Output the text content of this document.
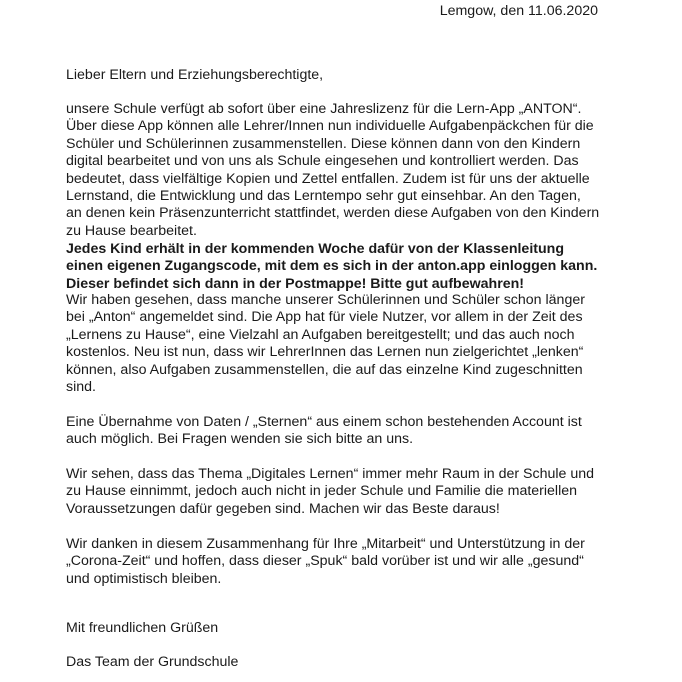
Lemgow, den 11.06.2020
Lieber Eltern und Erziehungsberechtigte,
unsere Schule verfügt ab sofort über eine Jahreslizenz für die Lern-App „ANTON“.
Über diese App können alle Lehrer/Innen nun individuelle Aufgabenpäckchen für die
Schüler und Schülerinnen zusammenstellen. Diese können dann von den Kindern
digital bearbeitet und von uns als Schule eingesehen und kontrolliert werden. Das
bedeutet, dass vielfältige Kopien und Zettel entfallen. Zudem ist für uns der aktuelle
Lernstand, die Entwicklung und das Lerntempo sehr gut einsehbar. An den Tagen,
an denen kein Präsenzunterricht stattfindet, werden diese Aufgaben von den Kindern
zu Hause bearbeitet.
Jedes Kind erhält in der kommenden Woche dafür von der Klassenleitung
einen eigenen Zugangscode, mit dem es sich in der anton.app einloggen kann.
Dieser befindet sich dann in der Postmappe! Bitte gut aufbewahren!
Wir haben gesehen, dass manche unserer Schülerinnen und Schüler schon länger
bei „Anton“ angemeldet sind. Die App hat für viele Nutzer, vor allem in der Zeit des
„Lernens zu Hause“, eine Vielzahl an Aufgaben bereitgestellt; und das auch noch
kostenlos. Neu ist nun, dass wir LehrerInnen das Lernen nun zielgerichtet „lenken“
können, also Aufgaben zusammenstellen, die auf das einzelne Kind zugeschnitten
sind.
Eine Übernahme von Daten / „Sternen“ aus einem schon bestehenden Account ist
auch möglich. Bei Fragen wenden sie sich bitte an uns.
Wir sehen, dass das Thema „Digitales Lernen“ immer mehr Raum in der Schule und
zu Hause einnimmt, jedoch auch nicht in jeder Schule und Familie die materiellen
Voraussetzungen dafür gegeben sind. Machen wir das Beste daraus!
Wir danken in diesem Zusammenhang für Ihre „Mitarbeit“ und Unterstützung in der
„Corona-Zeit“ und hoffen, dass dieser „Spuk“ bald vorüber ist und wir alle „gesund“
und optimistisch bleiben.
Mit freundlichen Grüßen
Das Team der Grundschule
